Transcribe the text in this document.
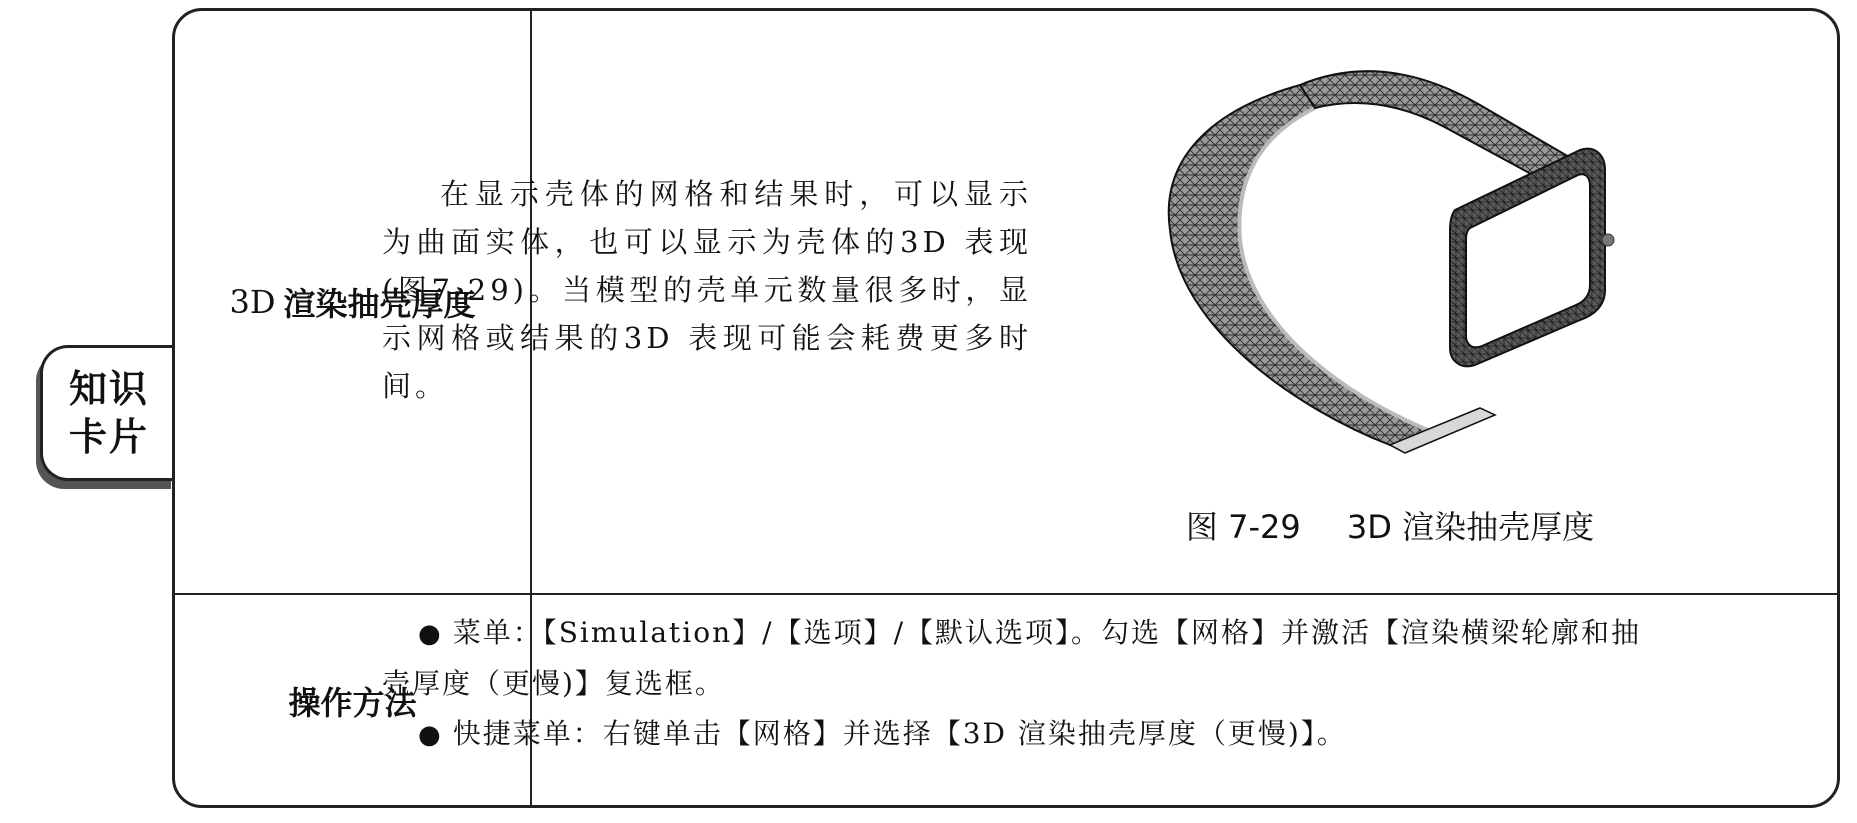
知识
卡片
3D 渲染抽壳厚度
操作方法
在显示壳体的网格和结果时，可以显示为曲面实体，也可以显示为壳体的3D 表现(图7-29)。当模型的壳单元数量很多时，显示网格或结果的3D 表现可能会耗费更多时间。
图 7-29 3D 渲染抽壳厚度

● 菜单：【Simulation】/【选项】/【默认选项】。勾选【网格】并激活【渲染横梁轮廓和抽壳厚度（更慢)】复选框。

● 快捷菜单：右键单击【网格】并选择【3D 渲染抽壳厚度（更慢)】。
